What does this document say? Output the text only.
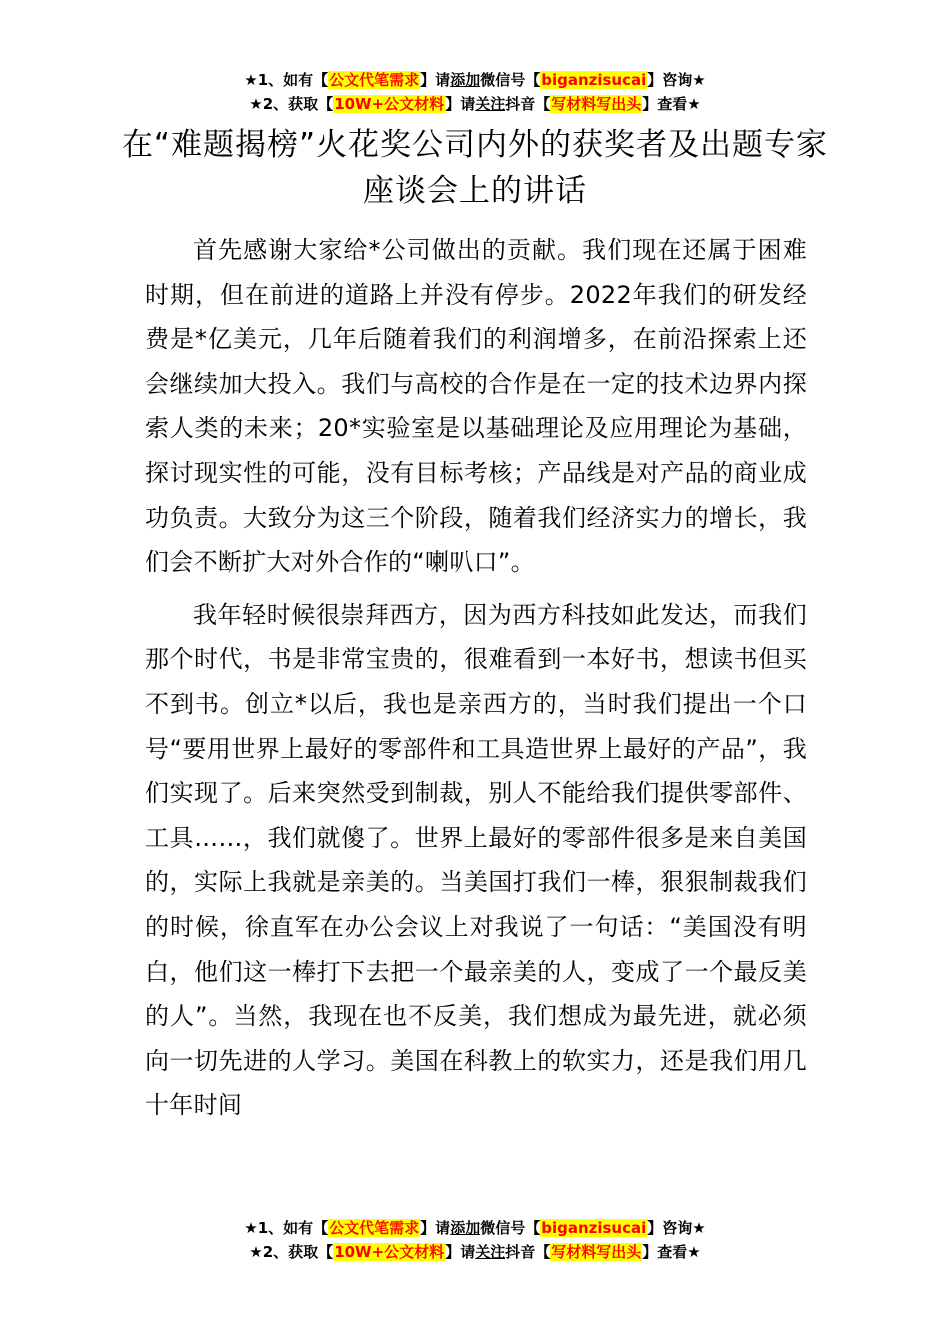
★1、如有【公文代笔需求】请添加微信号【biganzisucai】咨询★
★2、获取【10W+公文材料】请关注抖音【写材料写出头】查看★
在“难题揭榜”火花奖公司内外的获奖者及出题专家座谈会上的讲话

首先感谢大家给*公司做出的贡献。我们现在还属于困难时期，但在前进的道路上并没有停步。2022年我们的研发经费是*亿美元，几年后随着我们的利润增多，在前沿探索上还会继续加大投入。我们与高校的合作是在一定的技术边界内探索人类的未来；20*实验室是以基础理论及应用理论为基础，探讨现实性的可能，没有目标考核；产品线是对产品的商业成功负责。大致分为这三个阶段，随着我们经济实力的增长，我们会不断扩大对外合作的“喇叭口”。

我年轻时候很崇拜西方，因为西方科技如此发达，而我们那个时代，书是非常宝贵的，很难看到一本好书，想读书但买不到书。创立*以后，我也是亲西方的，当时我们提出一个口号“要用世界上最好的零部件和工具造世界上最好的产品”，我们实现了。后来突然受到制裁，别人不能给我们提供零部件、工具……，我们就傻了。世界上最好的零部件很多是来自美国的，实际上我就是亲美的。当美国打我们一棒，狠狠制裁我们的时候，徐直军在办公会议上对我说了一句话：“美国没有明白，他们这一棒打下去把一个最亲美的人，变成了一个最反美的人”。当然，我现在也不反美，我们想成为最先进，就必须向一切先进的人学习。美国在科教上的软实力，还是我们用几十年时间

★1、如有【公文代笔需求】请添加微信号【biganzisucai】咨询★
★2、获取【10W+公文材料】请关注抖音【写材料写出头】查看★
